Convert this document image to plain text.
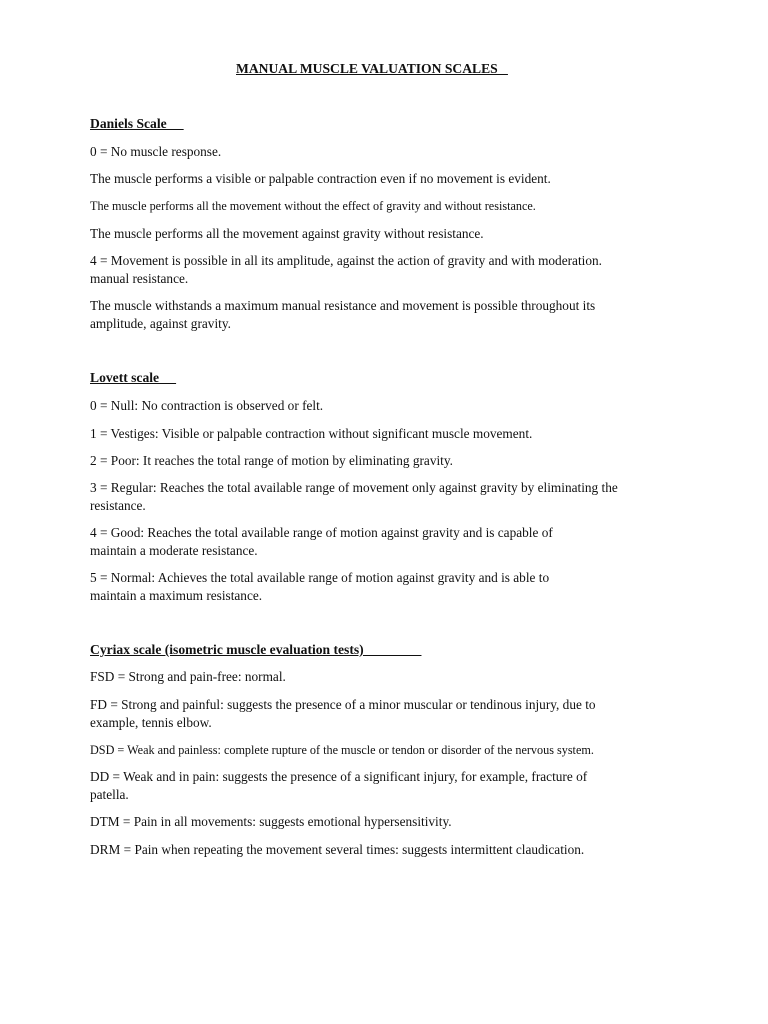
MANUAL MUSCLE VALUATION SCALES
Daniels Scale
0 = No muscle response.
The muscle performs a visible or palpable contraction even if no movement is evident.
The muscle performs all the movement without the effect of gravity and without resistance.
The muscle performs all the movement against gravity without resistance.
4 = Movement is possible in all its amplitude, against the action of gravity and with moderation. manual resistance.
The muscle withstands a maximum manual resistance and movement is possible throughout its amplitude, against gravity.
Lovett scale
0 = Null: No contraction is observed or felt.
1 = Vestiges: Visible or palpable contraction without significant muscle movement.
2 = Poor: It reaches the total range of motion by eliminating gravity.
3 = Regular: Reaches the total available range of movement only against gravity by eliminating the resistance.
4 = Good: Reaches the total available range of motion against gravity and is capable of maintain a moderate resistance.
5 = Normal: Achieves the total available range of motion against gravity and is able to maintain a maximum resistance.
Cyriax scale (isometric muscle evaluation tests)
FSD = Strong and pain-free: normal.
FD = Strong and painful: suggests the presence of a minor muscular or tendinous injury, due to example, tennis elbow.
DSD = Weak and painless: complete rupture of the muscle or tendon or disorder of the nervous system.
DD = Weak and in pain: suggests the presence of a significant injury, for example, fracture of patella.
DTM = Pain in all movements: suggests emotional hypersensitivity.
DRM = Pain when repeating the movement several times: suggests intermittent claudication.
